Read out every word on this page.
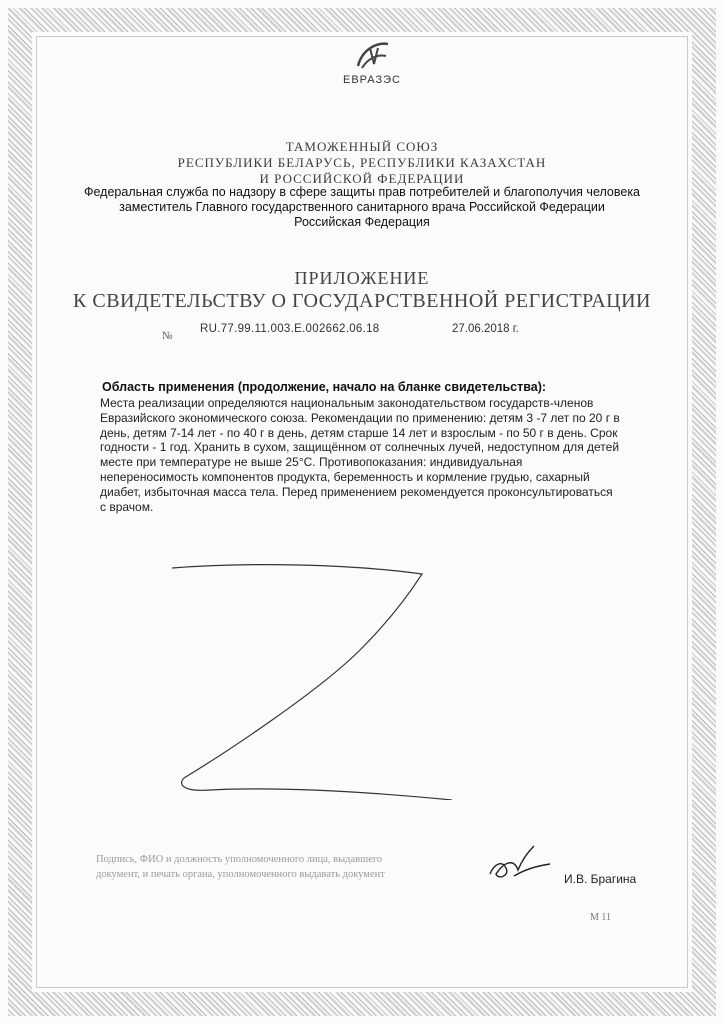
ЕВРАЗЭС
ТАМОЖЕННЫЙ СОЮЗ
РЕСПУБЛИКИ БЕЛАРУСЬ, РЕСПУБЛИКИ КАЗАХСТАН
И РОССИЙСКОЙ ФЕДЕРАЦИИ
Федеральная служба по надзору в сфере защиты прав потребителей и благополучия человека
заместитель Главного государственного санитарного врача Российской Федерации
Российская Федерация
ПРИЛОЖЕНИЕ
К СВИДЕТЕЛЬСТВУ О ГОСУДАРСТВЕННОЙ РЕГИСТРАЦИИ
№
RU.77.99.11.003.Е.002662.06.18	27.06.2018 г.
Область применения (продолжение, начало на бланке свидетельства):
Места реализации определяются национальным законодательством государств-членов Евразийского экономического союза. Рекомендации по применению: детям 3 -7 лет по 20 г в день, детям 7-14 лет - по 40 г в день, детям старше 14 лет и взрослым - по 50 г в день. Срок годности - 1 год. Хранить в сухом, защищённом от солнечных лучей, недоступном для детей месте при температуре не выше 25°С. Противопоказания: индивидуальная непереносимость компонентов продукта, беременность и кормление грудью, сахарный диабет, избыточная масса тела. Перед применением рекомендуется проконсультироваться с врачом.
Подпись, ФИО и должность уполномоченного лица, выдавшего документ, и печать органа, уполномоченного выдавать документ	И.В. Брагина
М 11
